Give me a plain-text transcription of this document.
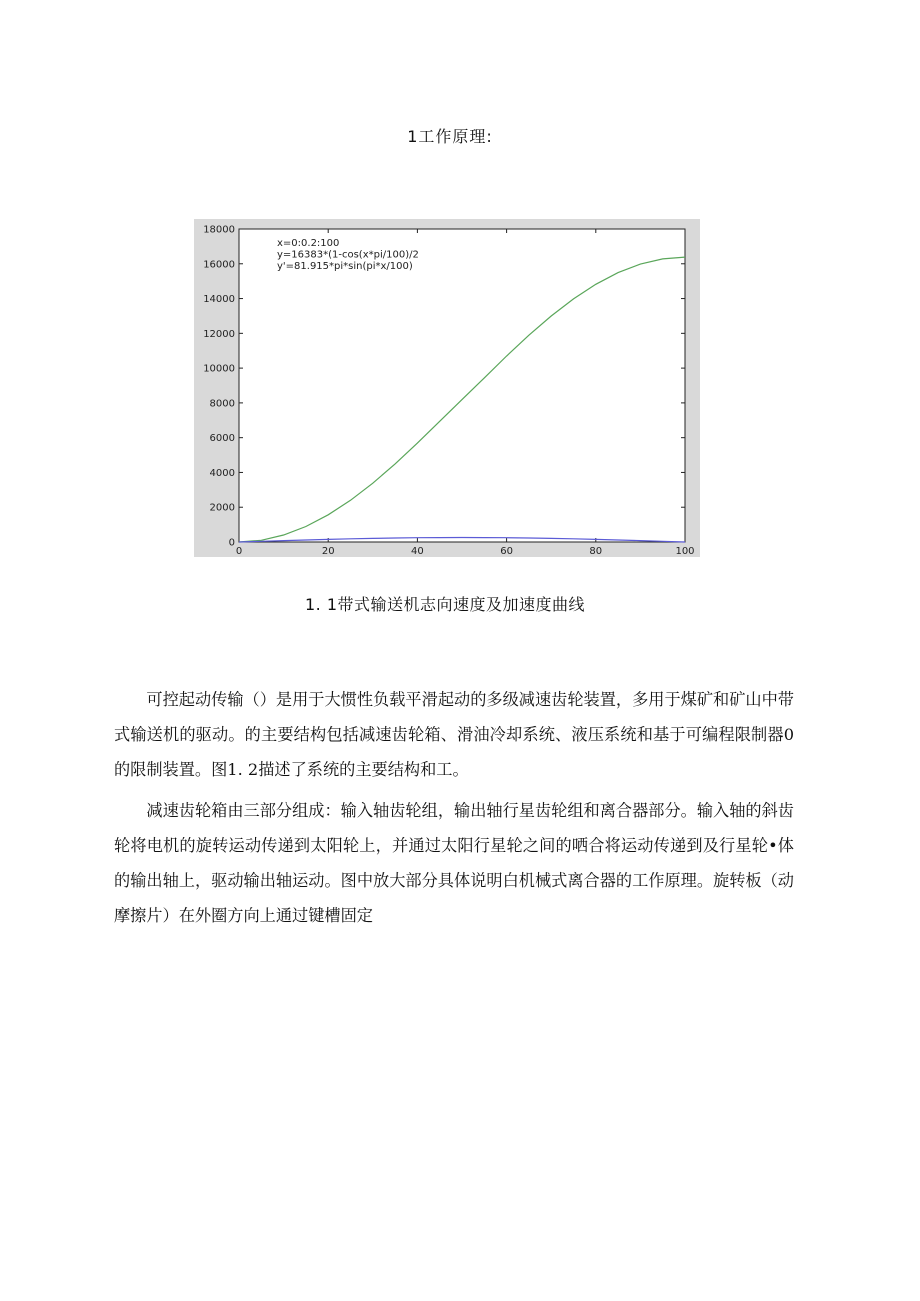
1工作原理:
0
2000
4000
6000
8000
10000
12000
14000
16000
18000
0	20	40	60	80	100
x=0:0.2:100
y=16383*(1-cos(x*pi/100)/2
y'=81.915*pi*sin(pi*x/100)
1. 1带式输送机志向速度及加速度曲线

可控起动传输（）是用于大惯性负载平滑起动的多级减速齿轮装置，多用于煤矿和矿山中带式输送机的驱动。的主要结构包括减速齿轮箱、滑油冷却系统、液压系统和基于可编程限制器0的限制装置。图1. 2描述了系统的主要结构和工。

减速齿轮箱由三部分组成：输入轴齿轮组，输出轴行星齿轮组和离合器部分。输入轴的斜齿轮将电机的旋转运动传递到太阳轮上，并通过太阳行星轮之间的哂合将运动传递到及行星轮•体的输出轴上，驱动输出轴运动。图中放大部分具体说明白机械式离合器的工作原理。旋转板（动摩擦片）在外圈方向上通过键槽固定
